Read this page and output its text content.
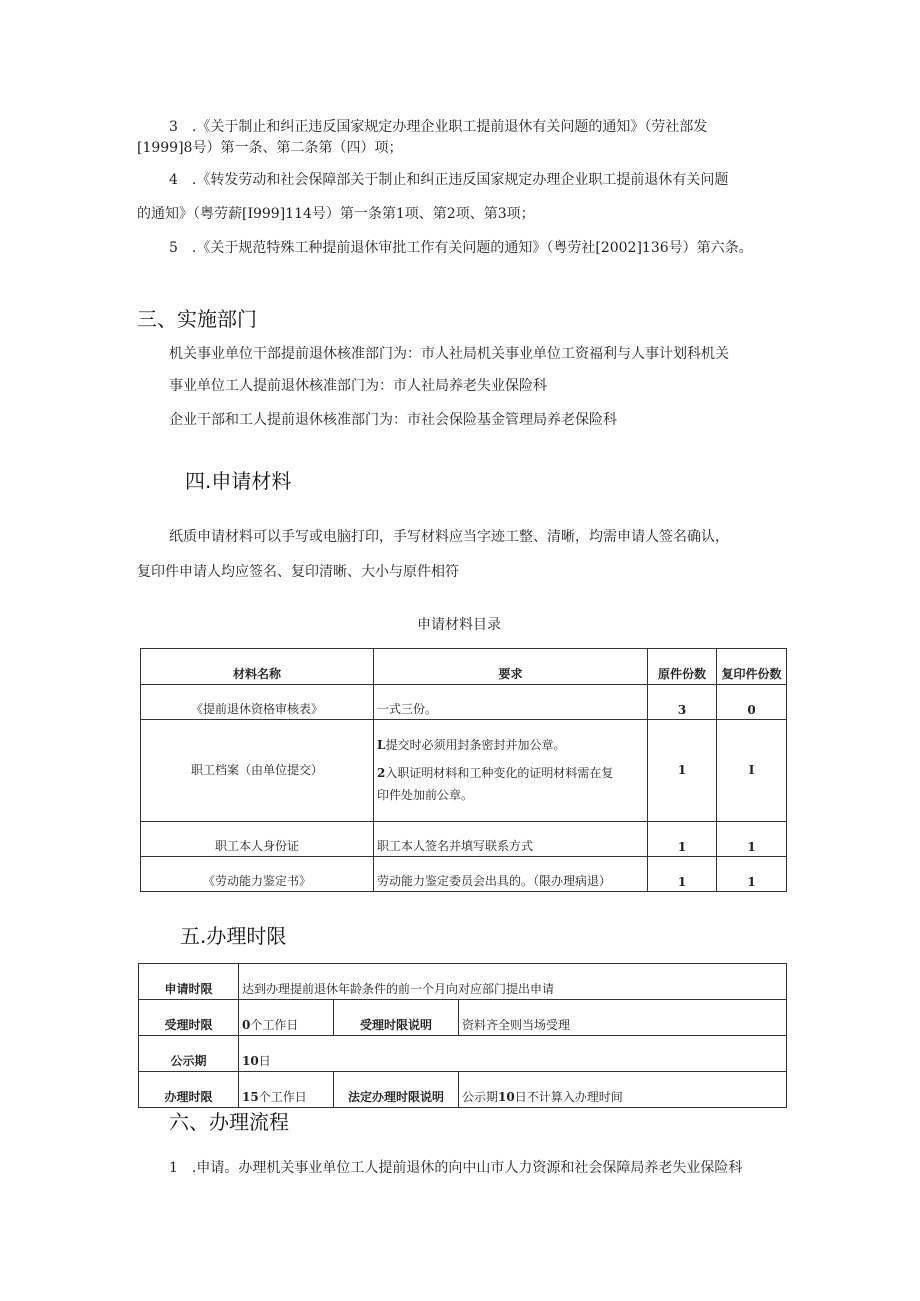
3　.《关于制止和纠正违反国家规定办理企业职工提前退休有关问题的通知》（劳社部发
[1999]8号）第一条、第二条第（四）项；
4　.《转发劳动和社会保障部关于制止和纠正违反国家规定办理企业职工提前退休有关问题
的通知》（粤劳薪[I999]114号）第一条第1项、第2项、第3项；
5　.《关于规范特殊工种提前退休审批工作有关问题的通知》（粤劳社[2002]136号）第六条。
三、实施部门
机关事业单位干部提前退休核准部门为：市人社局机关事业单位工资福利与人事计划科机关
事业单位工人提前退休核准部门为：市人社局养老失业保险科
企业干部和工人提前退休核准部门为：市社会保险基金管理局养老保险科
四.申请材料
纸质申请材料可以手写或电脑打印，手写材料应当字迹工整、清晰，均需申请人签名确认，
复印件申请人均应签名、复印清晰、大小与原件相符
申请材料目录
材料名称	要求	原件份数	复印件份数
《提前退休资格审核表》	一式三份。	3	0
职工档案（由单位提交）	L提交时必须用封条密封并加公章。
2入职证明材料和工种变化的证明材料需在复
印件处加前公章。	1	I
职工本人身份证	职工本人签名并填写联系方式	1	1
《劳动能力鉴定书》	劳动能力鉴定委员会出具的。（限办理病退）	1	1
五.办理时限
申请时限	达到办理提前退休年龄条件的前一个月向对应部门提出申请		
受理时限	0个工作日	受理时限说明	资料齐全则当场受理
公示期	10日		
办理时限	15个工作日	法定办理时限说明	公示期10日不计算入办理时间
六、办理流程
1　.申请。办理机关事业单位工人提前退休的向中山市人力资源和社会保障局养老失业保险科
